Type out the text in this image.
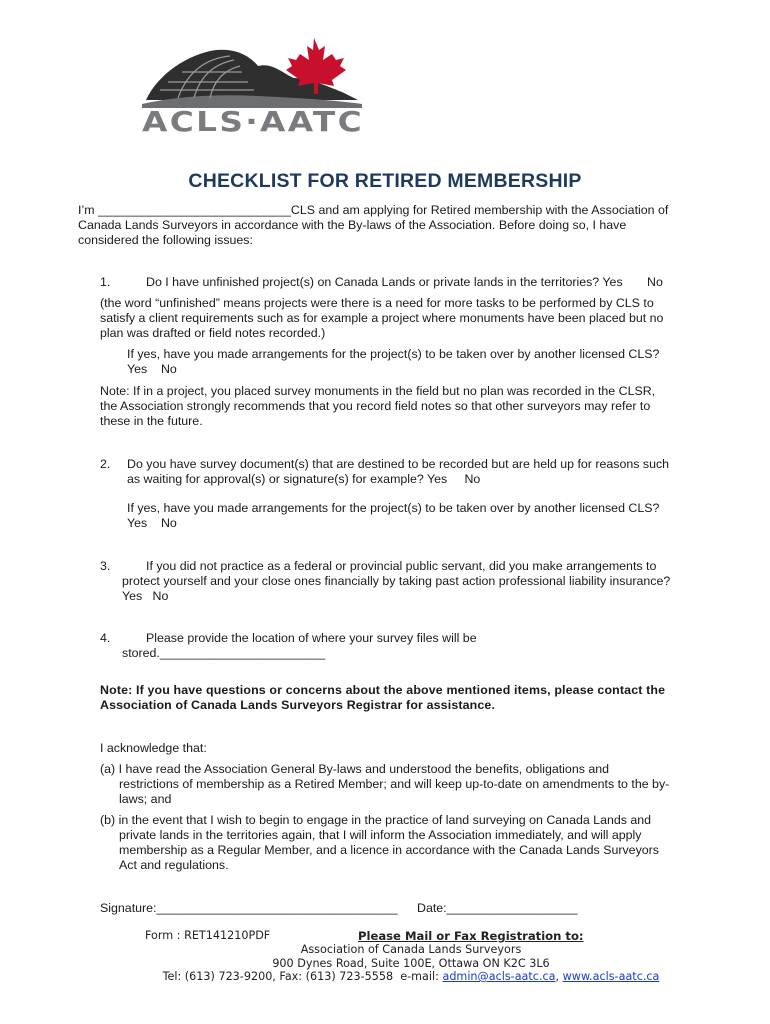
ACLS·AATC
CHECKLIST FOR RETIRED MEMBERSHIP
I’m ____________________________CLS and am applying for Retired membership with the Association of
Canada Lands Surveyors in accordance with the By-laws of the Association. Before doing so, I have
considered the following issues:
1.	Do I have unfinished project(s) on Canada Lands or private lands in the territories? Yes No
(the word “unfinished” means projects were there is a need for more tasks to be performed by CLS to
satisfy a client requirements such as for example a project where monuments have been placed but no
plan was drafted or field notes recorded.)
If yes, have you made arrangements for the project(s) to be taken over by another licensed CLS?
Yes    No
Note: If in a project, you placed survey monuments in the field but no plan was recorded in the CLSR,
the Association strongly recommends that you record field notes so that other surveyors may refer to
these in the future.
2. Do you have survey document(s) that are destined to be recorded but are held up for reasons such
as waiting for approval(s) or signature(s) for example? Yes     No
If yes, have you made arrangements for the project(s) to be taken over by another licensed CLS?
Yes    No
3.	If you did not practice as a federal or provincial public servant, did you make arrangements to
protect yourself and your close ones financially by taking past action professional liability insurance?
Yes   No
4.	Please provide the location of where your survey files will be
stored.________________________
Note: If you have questions or concerns about the above mentioned items, please contact the
Association of Canada Lands Surveyors Registrar for assistance.
I acknowledge that:
(a) I have read the Association General By-laws and understood the benefits, obligations and
restrictions of membership as a Retired Member; and will keep up-to-date on amendments to the by-
laws; and
(b) in the event that I wish to begin to engage in the practice of land surveying on Canada Lands and
private lands in the territories again, that I will inform the Association immediately, and will apply
membership as a Regular Member, and a licence in accordance with the Canada Lands Surveyors
Act and regulations.
Signature:___________________________________ Date:___________________
Form : RET141210PDF	Please Mail or Fax Registration to:
Association of Canada Lands Surveyors
900 Dynes Road, Suite 100E, Ottawa ON K2C 3L6
Tel: (613) 723-9200, Fax: (613) 723-5558  e-mail: admin@acls-aatc.ca, www.acls-aatc.ca
